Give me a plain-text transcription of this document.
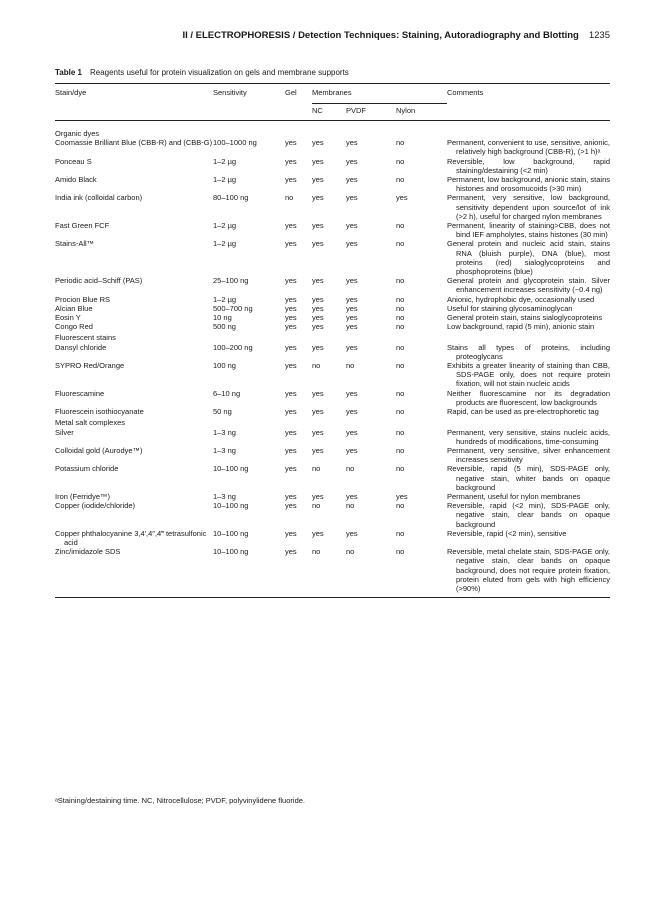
II / ELECTROPHORESIS / Detection Techniques: Staining, Autoradiography and Blotting 1235
Table 1 Reagents useful for protein visualization on gels and membrane supports
Stain/dye	Sensitivity	Gel	Membranes			Comments
			NC	PVDF	Nylon	
Organic dyes						

Coomassie Brilliant Blue (CBB-R) and (CBB-G)	100–1000 ng	yes	yes	yes	no	Permanent, convenient to use, sensitive, anionic, relatively high background (CBB-R), (>1 h)ᵃ

Ponceau S	1–2 µg	yes	yes	yes	no	Reversible, low background, rapid staining/destaining (<2 min)

Amido Black	1–2 µg	yes	yes	yes	no	Permanent, low background, anionic stain, stains histones and orosomucoids (>30 min)

India ink (colloidal carbon)	80–100 ng	no	yes	yes	yes	Permanent, very sensitive, low background, sensitivity dependent upon source/lot of ink (>2 h), useful for charged nylon membranes

Fast Green FCF	1–2 µg	yes	yes	yes	no	Permanent, linearity of staining>CBB, does not bind IEF ampholytes, stains histones (30 min)

Stains-All™	1–2 µg	yes	yes	yes	no	General protein and nucleic acid stain, stains RNA (bluish purple), DNA (blue), most proteins (red) sialoglycoproteins and phosphoproteins (blue)

Periodic acid–Schiff (PAS)	25–100 ng	yes	yes	yes	no	General protein and glycoprotein stain. Silver enhancement increases sensitivity (~0.4 ng)

Procion Blue RS	1–2 µg	yes	yes	yes	no	Anionic, hydrophobic dye, occasionally used

Alcian Blue	500–700 ng	yes	yes	yes	no	Useful for staining glycosaminoglycan

Eosin Y	10 ng	yes	yes	yes	no	General protein stain, stains sialoglycoproteins

Congo Red	500 ng	yes	yes	yes	no	Low background, rapid (5 min), anionic stain

Fluorescent stains						

Dansyl chloride	100–200 ng	yes	yes	yes	no	Stains all types of proteins, including proteoglycans

SYPRO Red/Orange	100 ng	yes	no	no	no	Exhibits a greater linearity of staining than CBB, SDS-PAGE only, does not require protein fixation, will not stain nucleic acids

Fluorescamine	6–10 ng	yes	yes	yes	no	Neither fluorescamine nor its degradation products are fluorescent, low backgrounds

Fluorescein isothiocyanate	50 ng	yes	yes	yes	no	Rapid, can be used as pre-electrophoretic tag

Metal salt complexes						

Silver	1–3 ng	yes	yes	yes	no	Permanent, very sensitive, stains nucleic acids, hundreds of modifications, time-consuming

Colloidal gold (Aurodye™)	1–3 ng	yes	yes	yes	no	Permanent, very sensitive, silver enhancement increases sensitivity

Potassium chloride	10–100 ng	yes	no	no	no	Reversible, rapid (5 min), SDS-PAGE only, negative stain, whiter bands on opaque background

Iron (Ferridye™)	1–3 ng	yes	yes	yes	yes	Permanent, useful for nylon membranes

Copper (iodide/chloride)	10–100 ng	yes	no	no	no	Reversible, rapid (<2 min), SDS-PAGE only, negative stain, clear bands on opaque background

Copper phthalocyanine 3,4′,4″,4‴ tetrasulfonic acid	10–100 ng	yes	yes	yes	no	Reversible, rapid (<2 min), sensitive

Zinc/imidazole SDS	10–100 ng	yes	no	no	no	Reversible, metal chelate stain, SDS-PAGE only, negative stain, clear bands on opaque background, does not require protein fixation, protein eluted from gels with high efficiency (>90%)

ᵃStaining/destaining time. NC, Nitrocellulose; PVDF, polyvinylidene fluoride.
